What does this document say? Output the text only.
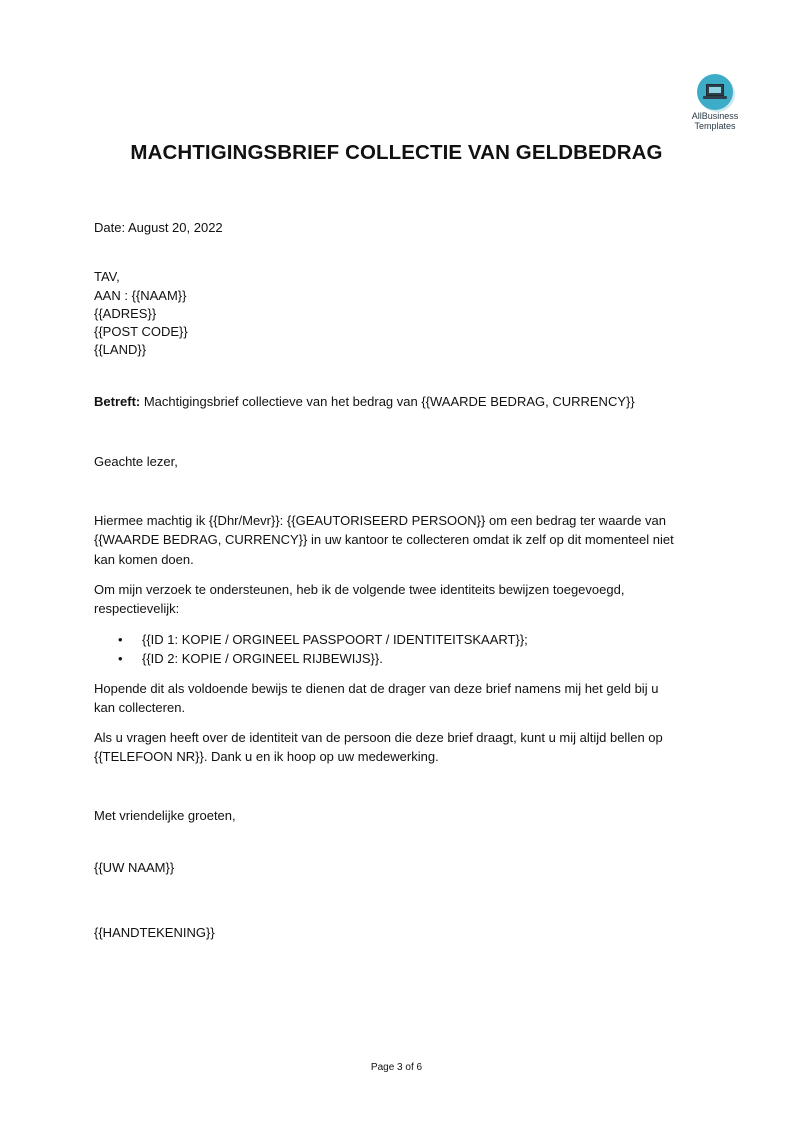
AllBusiness
Templates
MACHTIGINGSBRIEF COLLECTIE VAN GELDBEDRAG
Date: August 20, 2022
TAV,
AAN : {{NAAM}}
{{ADRES}}
{{POST CODE}}
{{LAND}}
Betreft: Machtigingsbrief collectieve van het bedrag van {{WAARDE BEDRAG, CURRENCY}}
Geachte lezer,
Hiermee machtig ik {{Dhr/Mevr}}: {{GEAUTORISEERD PERSOON}} om een bedrag ter waarde van
{{WAARDE BEDRAG, CURRENCY}} in uw kantoor te collecteren omdat ik zelf op dit momenteel niet
kan komen doen.
Om mijn verzoek te ondersteunen, heb ik de volgende twee identiteits bewijzen toegevoegd,
respectievelijk:
• {{ID 1: KOPIE / ORGINEEL PASSPOORT / IDENTITEITSKAART}};
• {{ID 2: KOPIE / ORGINEEL RIJBEWIJS}}.
Hopende dit als voldoende bewijs te dienen dat de drager van deze brief namens mij het geld bij u
kan collecteren.
Als u vragen heeft over de identiteit van de persoon die deze brief draagt, kunt u mij altijd bellen op
{{TELEFOON NR}}. Dank u en ik hoop op uw medewerking.
Met vriendelijke groeten,
{{UW NAAM}}
{{HANDTEKENING}}
Page 3 of 6
